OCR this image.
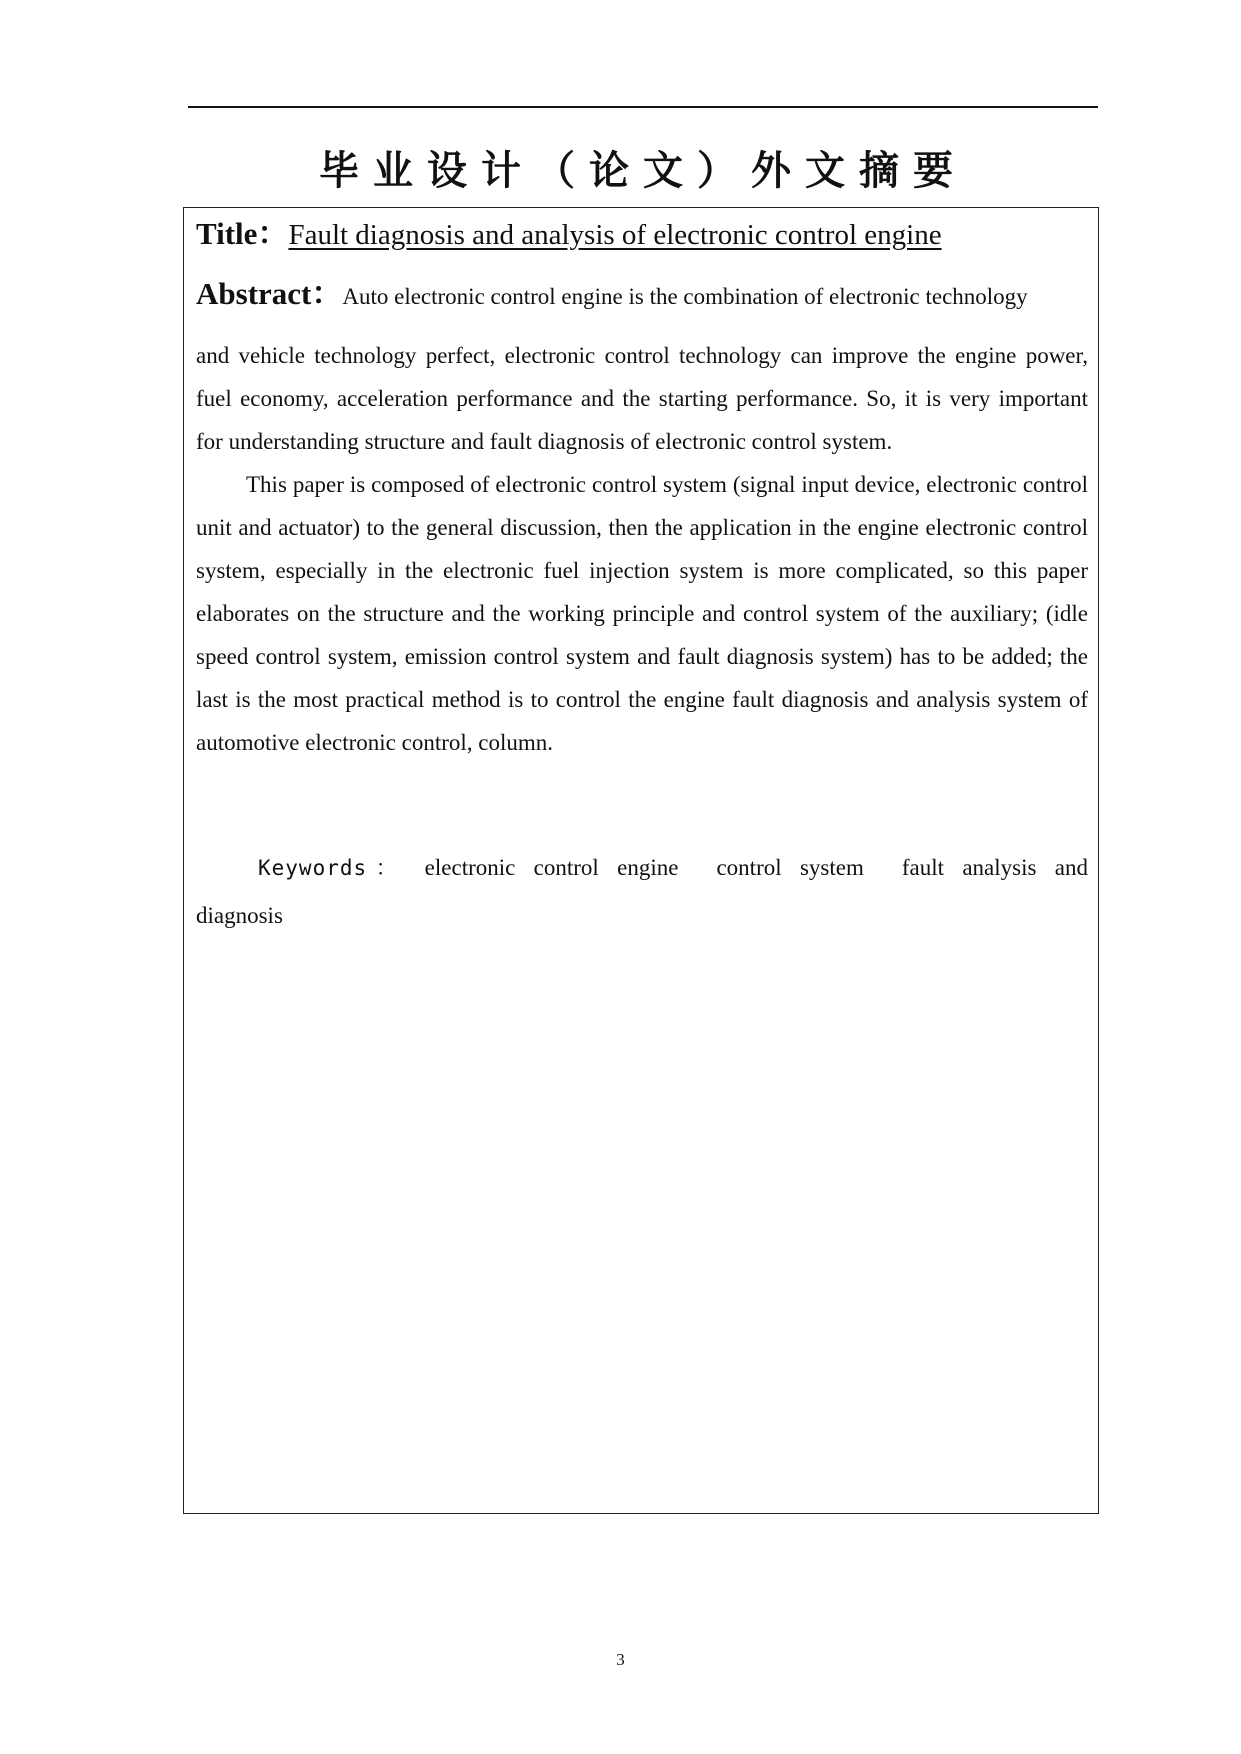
毕业设计（论文）外文摘要
Title：Fault diagnosis and analysis of electronic control engine
Abstract：Auto electronic control engine is the combination of electronic technology
and vehicle technology perfect, electronic control technology can improve the engine power, fuel economy, acceleration performance and the starting performance. So, it is very important for understanding structure and fault diagnosis of electronic control system.
This paper is composed of electronic control system (signal input device, electronic control unit and actuator) to the general discussion, then the application in the engine electronic control system, especially in the electronic fuel injection system is more complicated, so this paper elaborates on the structure and the working principle and control system of the auxiliary; (idle speed control system, emission control system and fault diagnosis system) has to be added; the last is the most practical method is to control the engine fault diagnosis and analysis system of automotive electronic control, column.
Keywords： electronic control engine control system fault analysis and diagnosis
3
